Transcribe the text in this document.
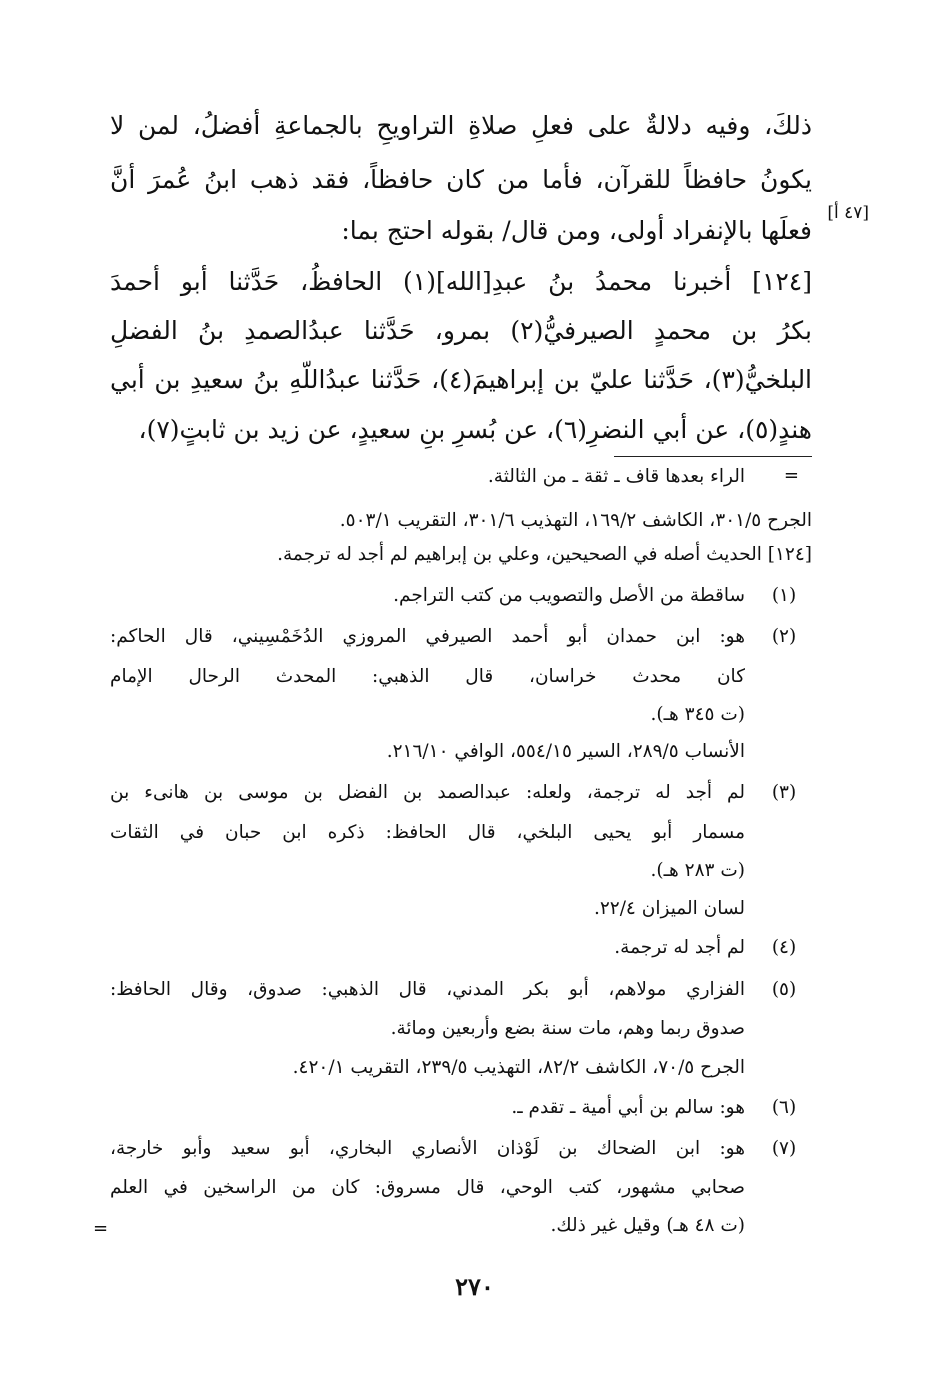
ذلكَ، وفيه دلالةٌ على فعلِ صلاةِ التراويحِ بالجماعةِ أفضلُ، لمن لا
يكونُ حافظاً للقرآن، فأما من كان حافظاً، فقد ذهب ابنُ عُمرَ أنَّ
فعلَها بالإنفراد أولى، ومن قال/ بقوله احتج بما:
[١٢٤] أخبرنا محمدُ بنُ عبدِ[الله](١) الحافظُ، حَدَّثنا أبو أحمدَ
بكرُ بن محمدٍ الصيرفيُّ(٢) بمرو، حَدَّثنا عبدُالصمدِ بنُ الفضلِ
البلخيُّ(٣)، حَدَّثنا عليّ بن إبراهيمَ(٤)، حَدَّثنا عبدُاللّهِ بنُ سعيدِ بن أبي
هندٍ(٥)، عن أبي النضرِ(٦)، عن بُسرِ بنِ سعيدٍ، عن زيد بن ثابتٍ(٧)،
[٤٧ أ]
=
الراء بعدها قاف ـ ثقة ـ من الثالثة.
الجرح ٣٠١/٥، الكاشف ١٦٩/٢، التهذيب ٣٠١/٦، التقريب ٥٠٣/١.
[١٢٤] الحديث أصله في الصحيحين، وعلي بن إبراهيم لم أجد له ترجمة.
(١)
ساقطة من الأصل والتصويب من كتب التراجم.
(٢)
هو: ابن حمدان أبو أحمد الصيرفي المروزي الدُخَمْسِيني، قال الحاكم:
كان محدث خراسان، قال الذهبي: المحدث الرحال الإمام
(ت ٣٤٥ هـ).
الأنساب ٢٨٩/٥، السير ٥٥٤/١٥، الوافي ٢١٦/١٠.
(٣)
لم أجد له ترجمة، ولعله: عبدالصمد بن الفضل بن موسى بن هانىء بن
مسمار أبو يحيى البلخي، قال الحافظ: ذكره ابن حبان في الثقات
(ت ٢٨٣ هـ).
لسان الميزان ٢٢/٤.
(٤)
لم أجد له ترجمة.
(٥)
الفزاري مولاهم، أبو بكر المدني، قال الذهبي: صدوق، وقال الحافظ:
صدوق ربما وهم، مات سنة بضع وأربعين ومائة.
الجرح ٧٠/٥، الكاشف ٨٢/٢، التهذيب ٢٣٩/٥، التقريب ٤٢٠/١.
(٦)
هو: سالم بن أبي أمية ـ تقدم ـ.
(٧)
هو: ابن الضحاك بن لَوْذان الأنصاري البخاري، أبو سعيد وأبو خارجة،
صحابي مشهور، كتب الوحي، قال مسروق: كان من الراسخين في العلم
(ت ٤٨ هـ) وقيل غير ذلك.
=
٢٧٠
